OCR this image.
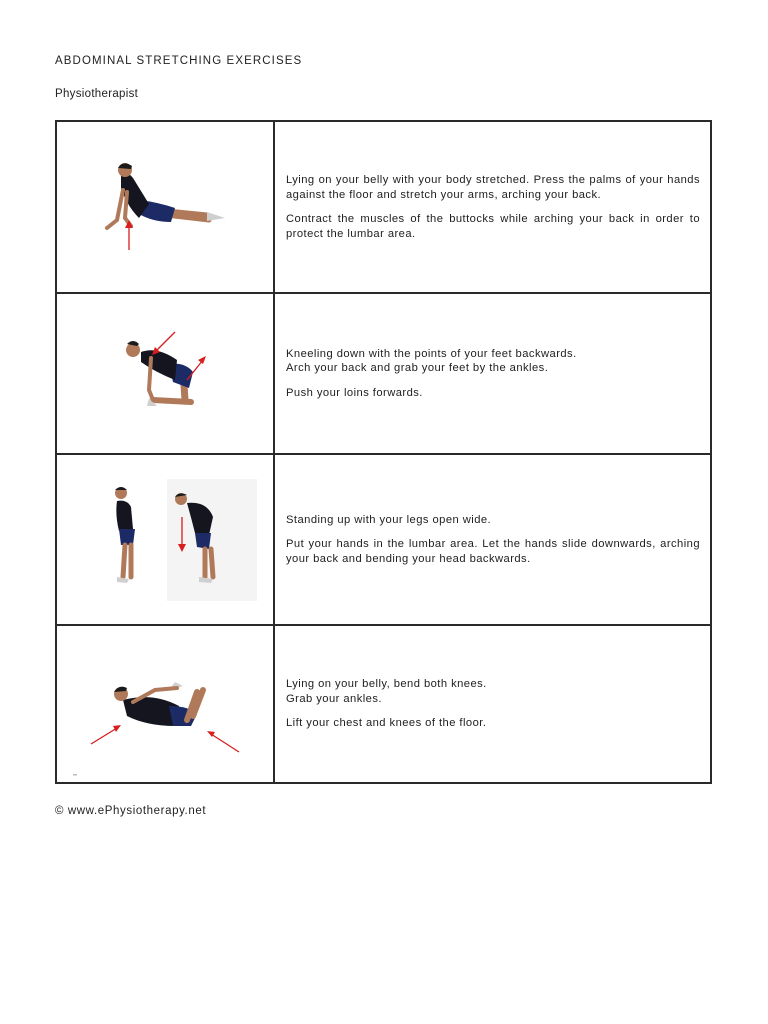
ABDOMINAL STRETCHING EXERCISES
Physiotherapist

Lying on your belly with your body stretched. Press the palms of your hands against the floor and stretch your arms, arching your back.

Contract the muscles of the buttocks while arching your back in order to protect the lumbar area.

Kneeling down with the points of your feet backwards.
Arch your back and grab your feet by the ankles.

Push your loins forwards.

Standing up with your legs open wide.

Put your hands in the lumbar area. Let the hands slide downwards, arching your back and bending your head backwards.

Lying on your belly, bend both knees.
Grab your ankles.

Lift your chest and knees of the floor.

© www.ePhysiotherapy.net
